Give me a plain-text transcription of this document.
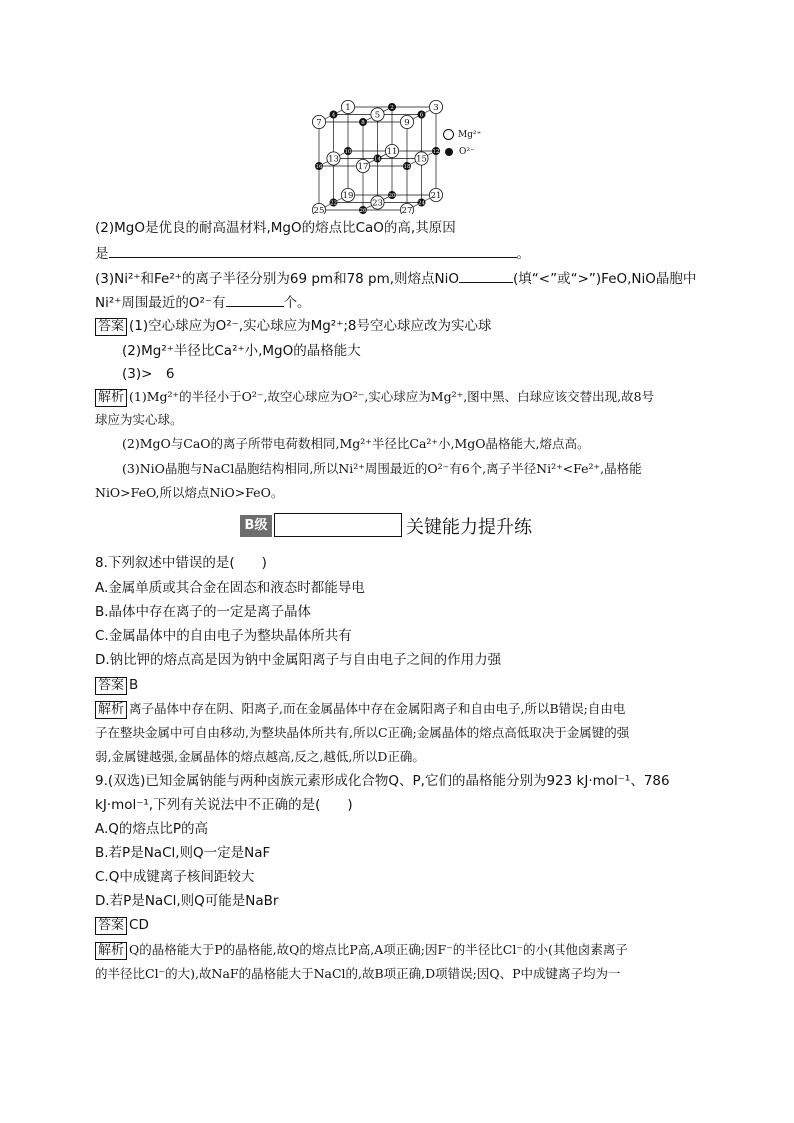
1	2	3
10	11	12
19	20	21
4	5	6
13	14	15
22	23	24
7	8	9
16	17	18
25	26	27
Mg²⁺
O²⁻
(2)MgO是优良的耐高温材料,MgO的熔点比CaO的高,其原因
是	。
(3)Ni²⁺和Fe²⁺的离子半径分别为69 pm和78 pm,则熔点NiO	(填“<”或“>”)FeO,NiO晶胞中
Ni²⁺周围最近的O²⁻有	个。
答案 (1)空心球应为O²⁻,实心球应为Mg²⁺;8号空心球应改为实心球
(2)Mg²⁺半径比Ca²⁺小,MgO的晶格能大
(3)>　6
解析 (1)Mg²⁺的半径小于O²⁻,故空心球应为O²⁻,实心球应为Mg²⁺,图中黑、白球应该交替出现,故8号
球应为实心球。
(2)MgO与CaO的离子所带电荷数相同,Mg²⁺半径比Ca²⁺小,MgO晶格能大,熔点高。
(3)NiO晶胞与NaCl晶胞结构相同,所以Ni²⁺周围最近的O²⁻有6个,离子半径Ni²⁺<Fe²⁺,晶格能
NiO>FeO,所以熔点NiO>FeO。
B级	关键能力提升练
8.下列叙述中错误的是(　　)
A.金属单质或其合金在固态和液态时都能导电
B.晶体中存在离子的一定是离子晶体
C.金属晶体中的自由电子为整块晶体所共有
D.钠比钾的熔点高是因为钠中金属阳离子与自由电子之间的作用力强
答案 B
解析 离子晶体中存在阴、阳离子,而在金属晶体中存在金属阳离子和自由电子,所以B错误;自由电
子在整块金属中可自由移动,为整块晶体所共有,所以C正确;金属晶体的熔点高低取决于金属键的强
弱,金属键越强,金属晶体的熔点越高,反之,越低,所以D正确。
9.(双选)已知金属钠能与两种卤族元素形成化合物Q、P,它们的晶格能分别为923 kJ·mol⁻¹、786
kJ·mol⁻¹,下列有关说法中不正确的是(　　)
A.Q的熔点比P的高
B.若P是NaCl,则Q一定是NaF
C.Q中成键离子核间距较大
D.若P是NaCl,则Q可能是NaBr
答案 CD
解析 Q的晶格能大于P的晶格能,故Q的熔点比P高,A项正确;因F⁻的半径比Cl⁻的小(其他卤素离子
的半径比Cl⁻的大),故NaF的晶格能大于NaCl的,故B项正确,D项错误;因Q、P中成键离子均为一
